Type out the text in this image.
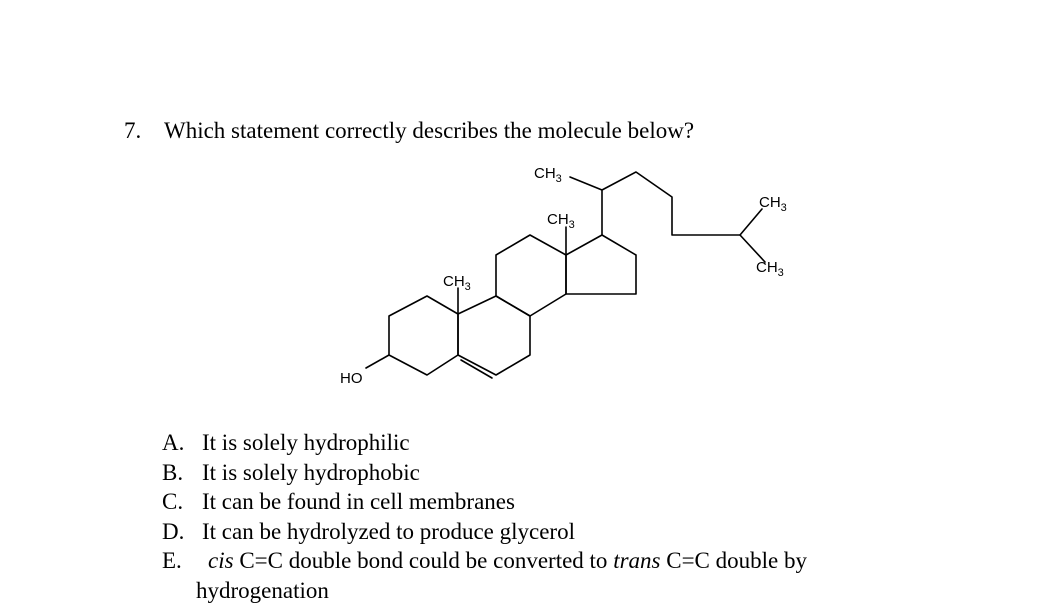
7. Which statement correctly describes the molecule below?
HO
$CH_3$
$CH_3$
$CH_3$
$CH_3$
$CH_3$
A. It is solely hydrophilic
B. It is solely hydrophobic
C. It can be found in cell membranes
D. It can be hydrolyzed to produce glycerol
E. cis C=C double bond could be converted to trans C=C double by
hydrogenation
